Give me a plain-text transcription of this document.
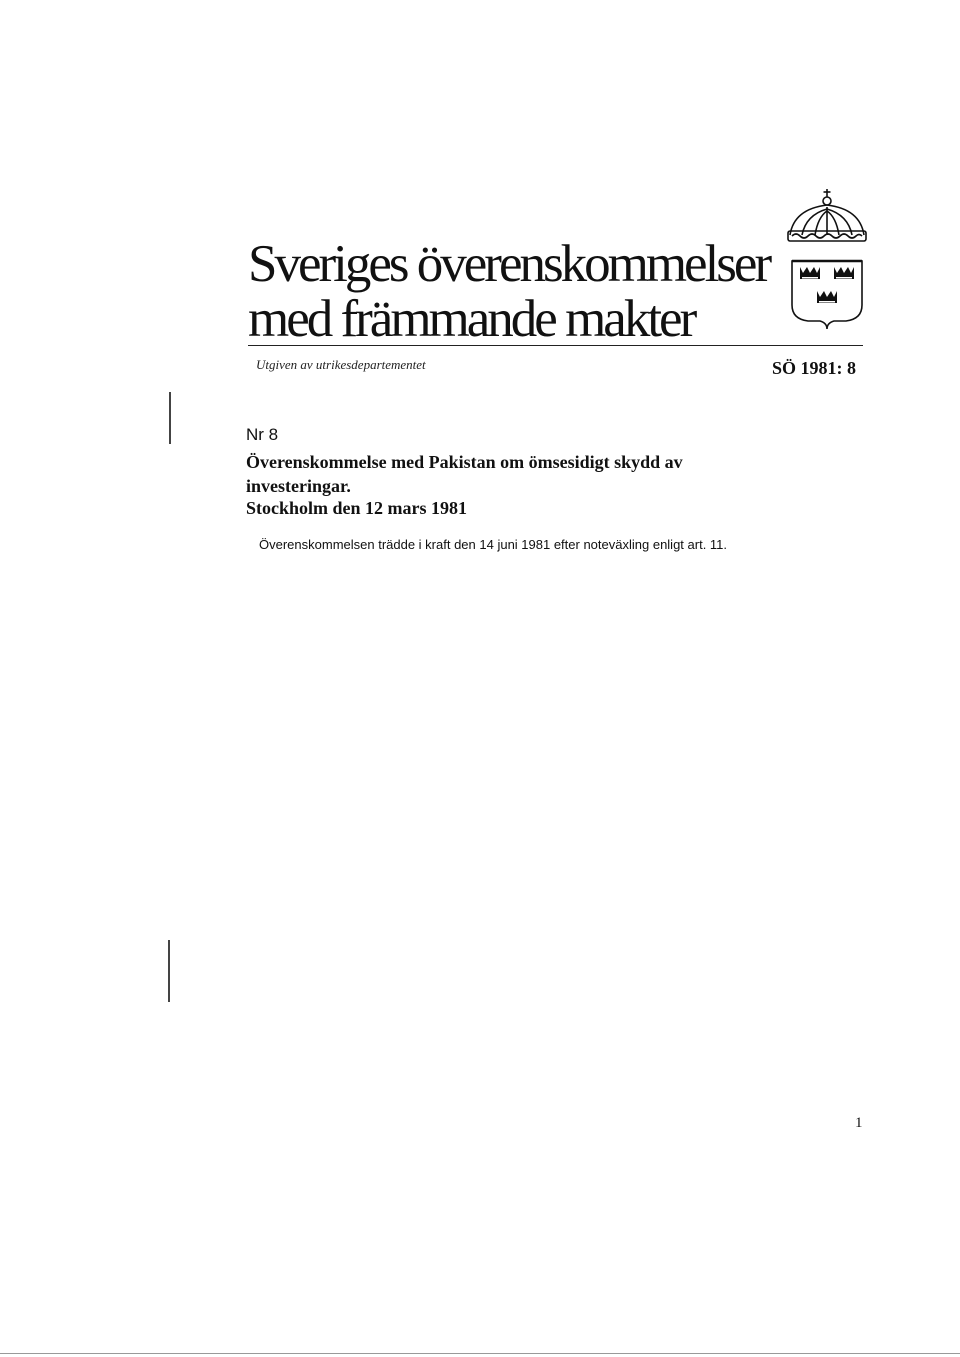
Sveriges överenskommelser
med främmande makter
Utgiven av utrikesdepartementet	SÖ 1981: 8
Nr 8

Överenskommelse med Pakistan om ömsesidigt skydd av investeringar.

Stockholm den 12 mars 1981

Överenskommelsen trädde i kraft den 14 juni 1981 efter noteväxling enligt art. 11.

1
